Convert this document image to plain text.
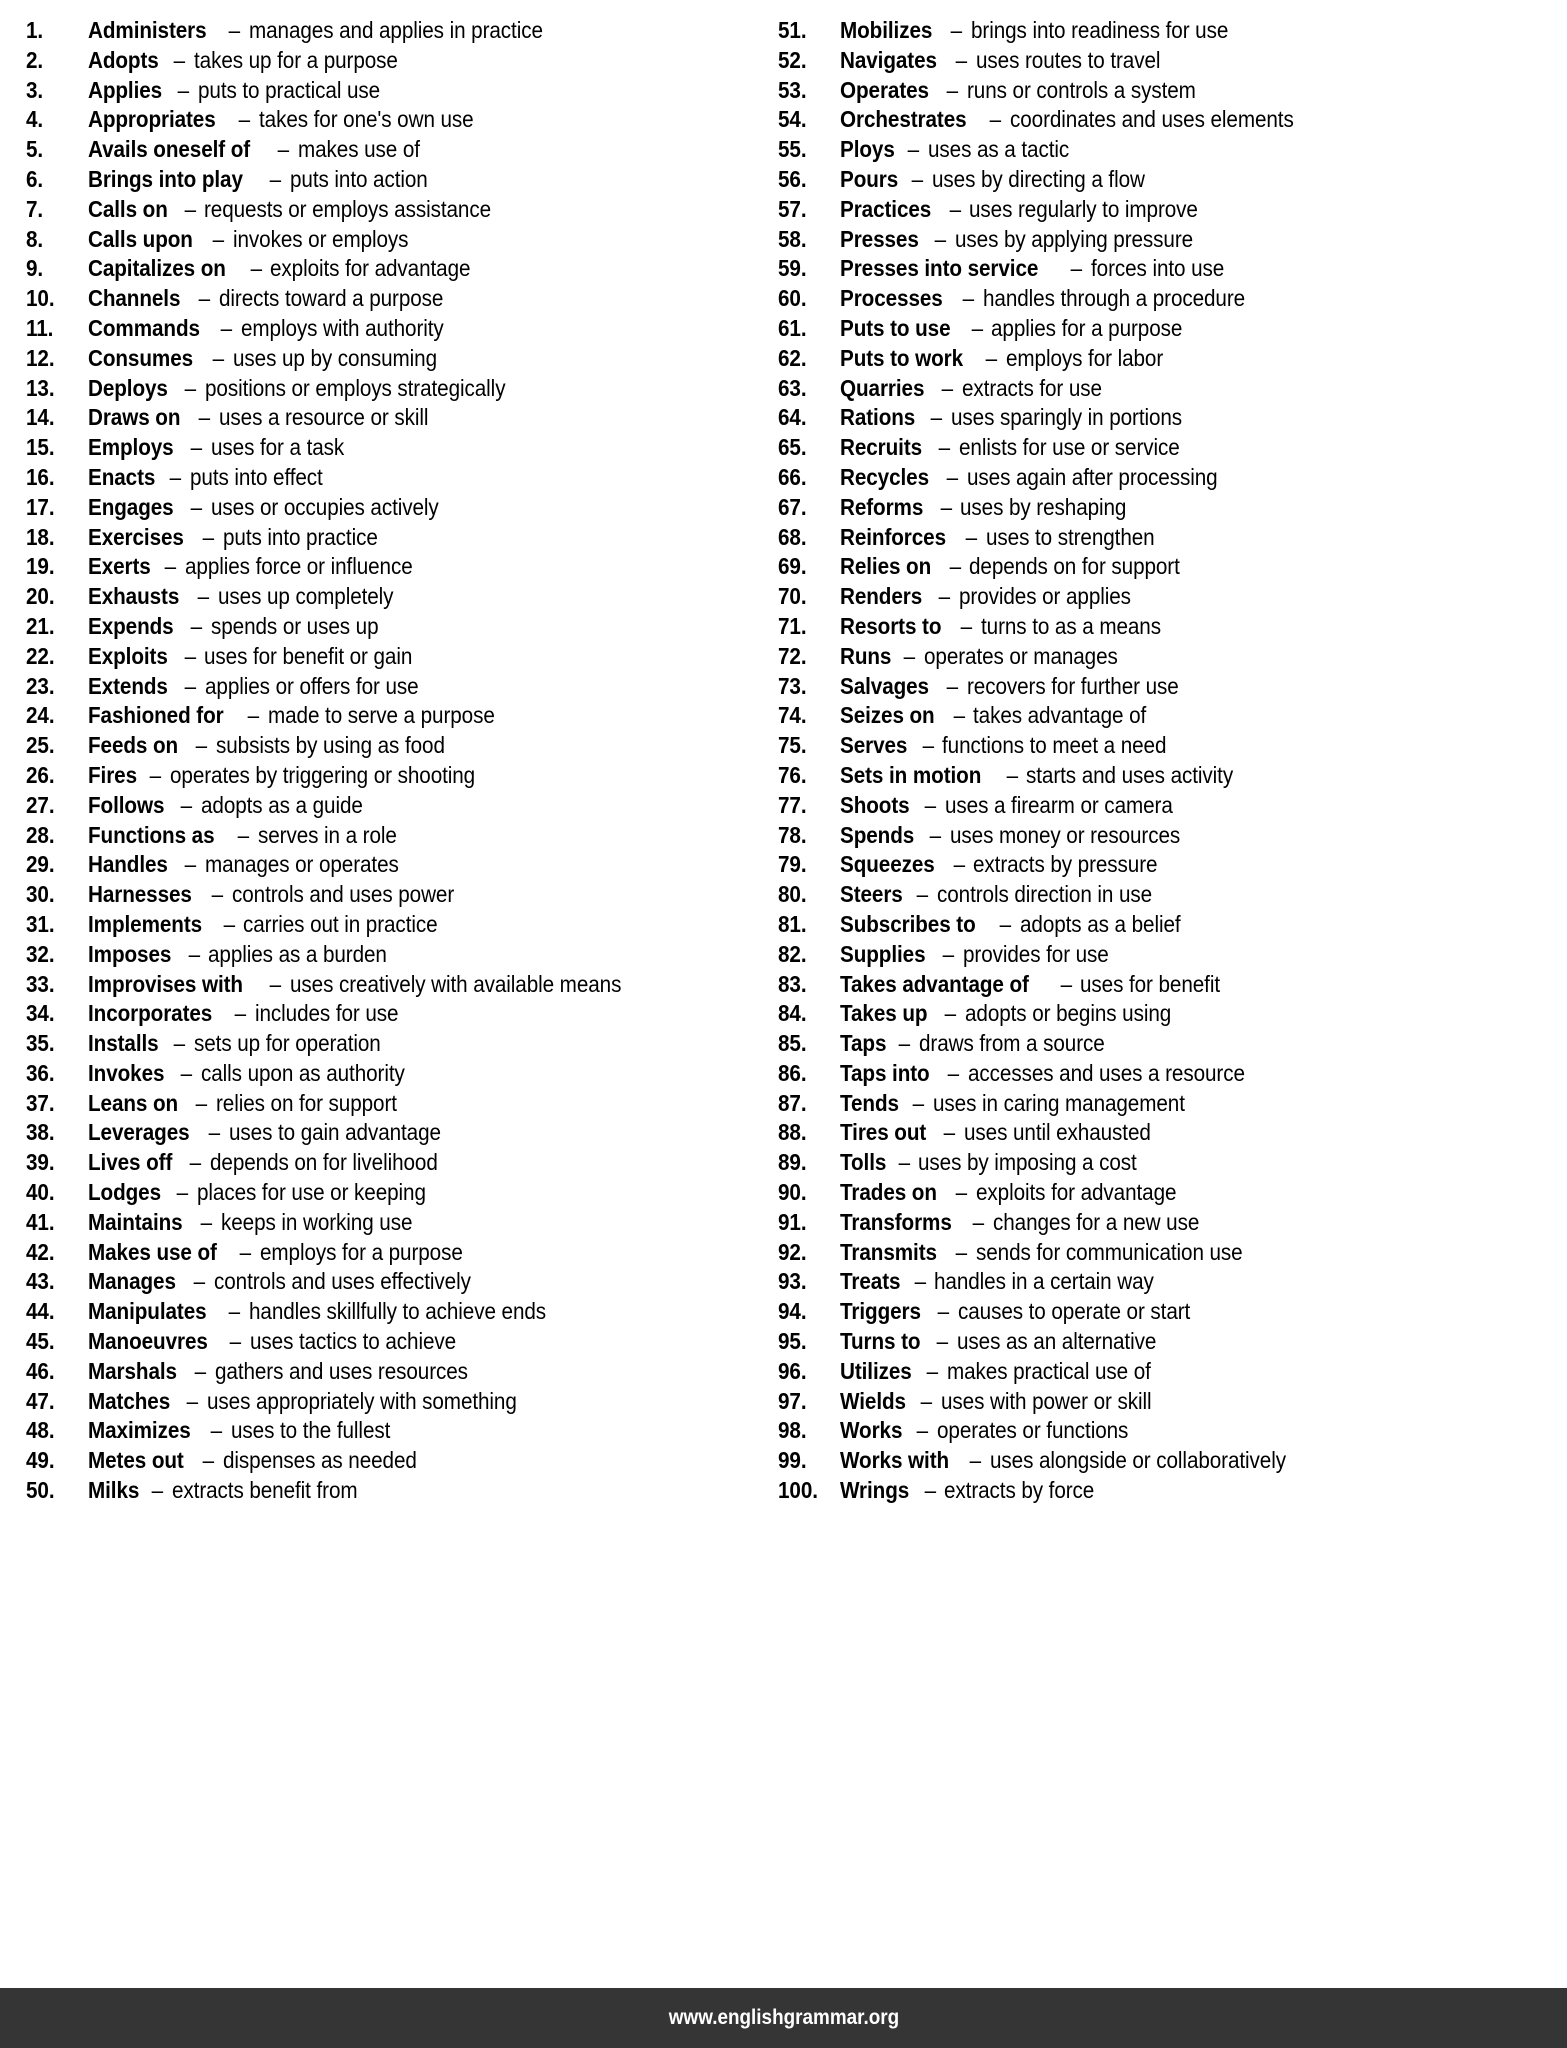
1.	Administers – manages and applies in practice
2.	Adopts – takes up for a purpose
3.	Applies – puts to practical use
4.	Appropriates – takes for one's own use
5.	Avails oneself of – makes use of
6.	Brings into play – puts into action
7.	Calls on – requests or employs assistance
8.	Calls upon – invokes or employs
9.	Capitalizes on – exploits for advantage
10.	Channels – directs toward a purpose
11.	Commands – employs with authority
12.	Consumes – uses up by consuming
13.	Deploys – positions or employs strategically
14.	Draws on – uses a resource or skill
15.	Employs – uses for a task
16.	Enacts – puts into effect
17.	Engages – uses or occupies actively
18.	Exercises – puts into practice
19.	Exerts – applies force or influence
20.	Exhausts – uses up completely
21.	Expends – spends or uses up
22.	Exploits – uses for benefit or gain
23.	Extends – applies or offers for use
24.	Fashioned for – made to serve a purpose
25.	Feeds on – subsists by using as food
26.	Fires – operates by triggering or shooting
27.	Follows – adopts as a guide
28.	Functions as – serves in a role
29.	Handles – manages or operates
30.	Harnesses – controls and uses power
31.	Implements – carries out in practice
32.	Imposes – applies as a burden
33.	Improvises with – uses creatively with available means
34.	Incorporates – includes for use
35.	Installs – sets up for operation
36.	Invokes – calls upon as authority
37.	Leans on – relies on for support
38.	Leverages – uses to gain advantage
39.	Lives off – depends on for livelihood
40.	Lodges – places for use or keeping
41.	Maintains – keeps in working use
42.	Makes use of – employs for a purpose
43.	Manages – controls and uses effectively
44.	Manipulates – handles skillfully to achieve ends
45.	Manoeuvres – uses tactics to achieve
46.	Marshals – gathers and uses resources
47.	Matches – uses appropriately with something
48.	Maximizes – uses to the fullest
49.	Metes out – dispenses as needed
50.	Milks – extracts benefit from
51.	Mobilizes – brings into readiness for use
52.	Navigates – uses routes to travel
53.	Operates – runs or controls a system
54.	Orchestrates – coordinates and uses elements
55.	Ploys – uses as a tactic
56.	Pours – uses by directing a flow
57.	Practices – uses regularly to improve
58.	Presses – uses by applying pressure
59.	Presses into service – forces into use
60.	Processes – handles through a procedure
61.	Puts to use – applies for a purpose
62.	Puts to work – employs for labor
63.	Quarries – extracts for use
64.	Rations – uses sparingly in portions
65.	Recruits – enlists for use or service
66.	Recycles – uses again after processing
67.	Reforms – uses by reshaping
68.	Reinforces – uses to strengthen
69.	Relies on – depends on for support
70.	Renders – provides or applies
71.	Resorts to – turns to as a means
72.	Runs – operates or manages
73.	Salvages – recovers for further use
74.	Seizes on – takes advantage of
75.	Serves – functions to meet a need
76.	Sets in motion – starts and uses activity
77.	Shoots – uses a firearm or camera
78.	Spends – uses money or resources
79.	Squeezes – extracts by pressure
80.	Steers – controls direction in use
81.	Subscribes to – adopts as a belief
82.	Supplies – provides for use
83.	Takes advantage of – uses for benefit
84.	Takes up – adopts or begins using
85.	Taps – draws from a source
86.	Taps into – accesses and uses a resource
87.	Tends – uses in caring management
88.	Tires out – uses until exhausted
89.	Tolls – uses by imposing a cost
90.	Trades on – exploits for advantage
91.	Transforms – changes for a new use
92.	Transmits – sends for communication use
93.	Treats – handles in a certain way
94.	Triggers – causes to operate or start
95.	Turns to – uses as an alternative
96.	Utilizes – makes practical use of
97.	Wields – uses with power or skill
98.	Works – operates or functions
99.	Works with – uses alongside or collaboratively
100. Wrings – extracts by force
www.englishgrammar.org
